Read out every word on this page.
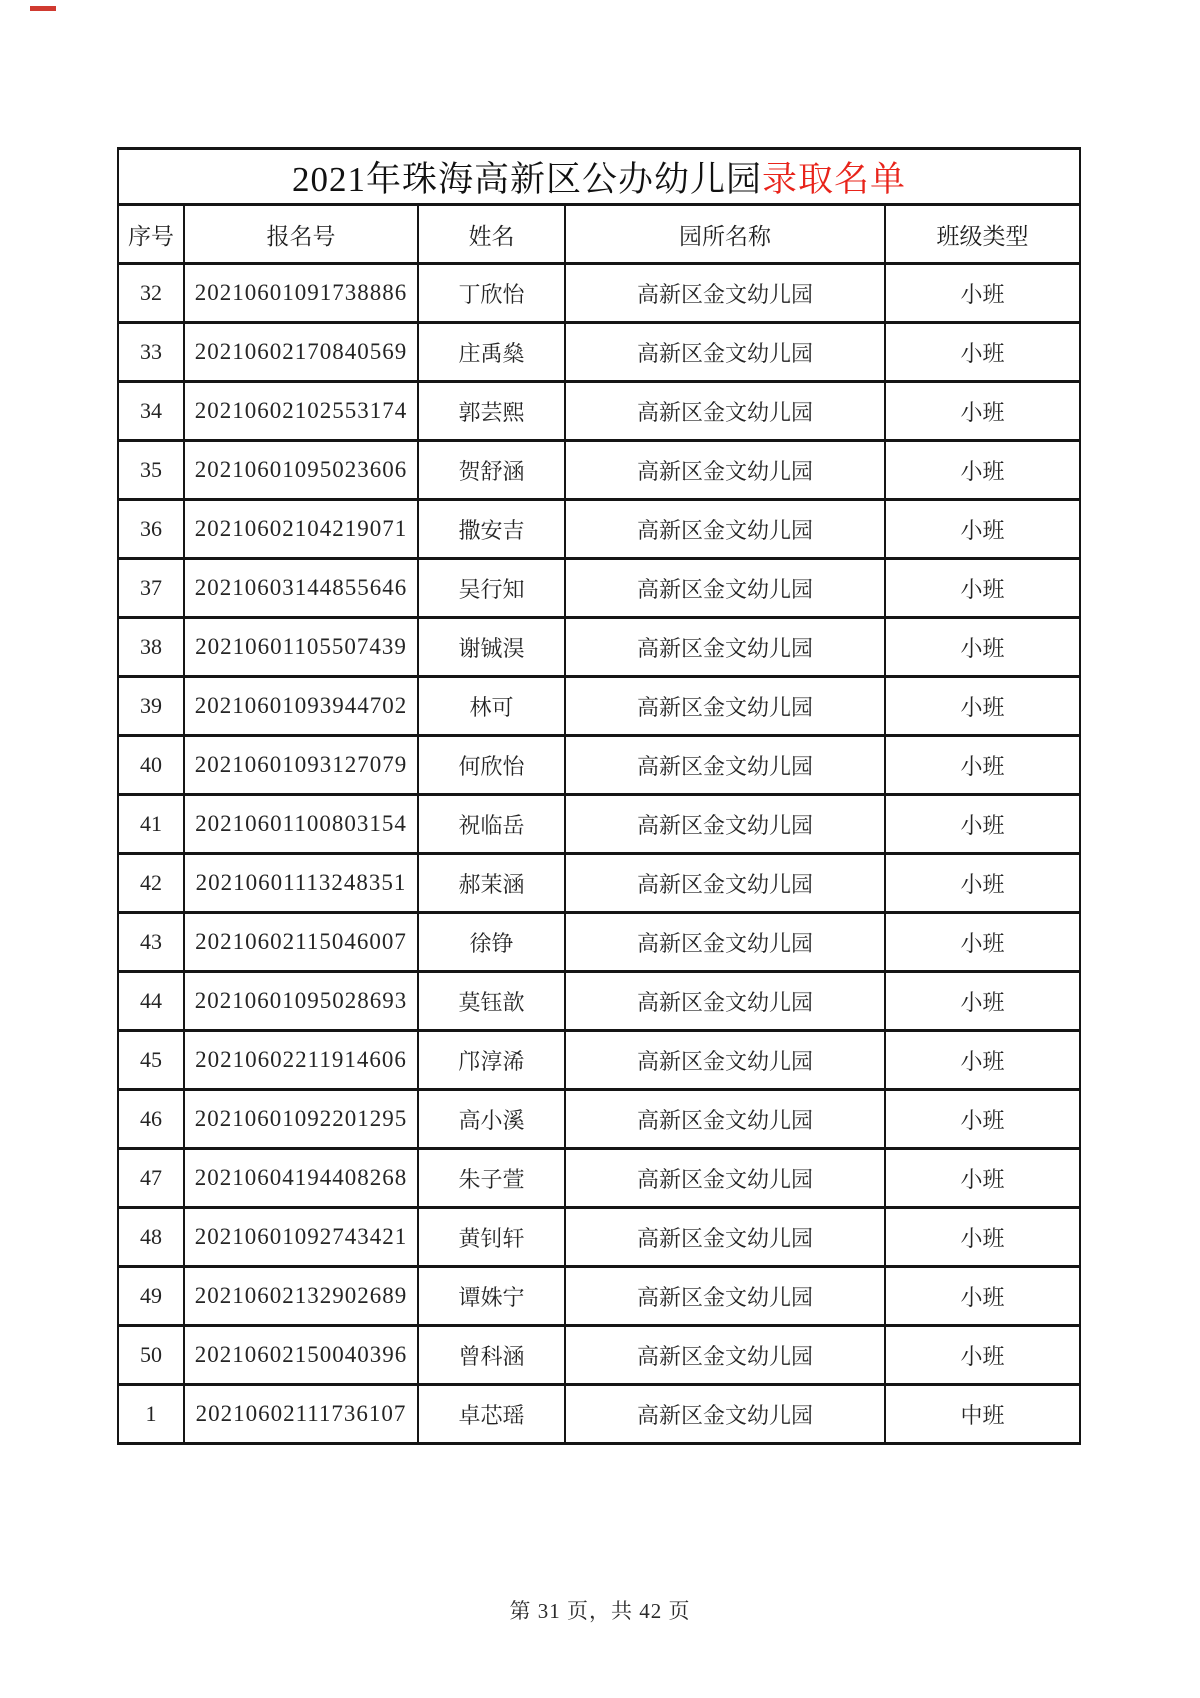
2021年珠海高新区公办幼儿园录取名单				
序号	报名号	姓名	园所名称	班级类型
32	20210601091738886	丁欣怡	高新区金文幼儿园	小班
33	20210602170840569	庄禹燊	高新区金文幼儿园	小班
34	20210602102553174	郭芸熙	高新区金文幼儿园	小班
35	20210601095023606	贺舒涵	高新区金文幼儿园	小班
36	20210602104219071	撒安吉	高新区金文幼儿园	小班
37	20210603144855646	吴行知	高新区金文幼儿园	小班
38	20210601105507439	谢铖淏	高新区金文幼儿园	小班
39	20210601093944702	林可	高新区金文幼儿园	小班
40	20210601093127079	何欣怡	高新区金文幼儿园	小班
41	20210601100803154	祝临岳	高新区金文幼儿园	小班
42	20210601113248351	郝茉涵	高新区金文幼儿园	小班
43	20210602115046007	徐铮	高新区金文幼儿园	小班
44	20210601095028693	莫钰歆	高新区金文幼儿园	小班
45	20210602211914606	邝淳浠	高新区金文幼儿园	小班
46	20210601092201295	高小溪	高新区金文幼儿园	小班
47	20210604194408268	朱子萱	高新区金文幼儿园	小班
48	20210601092743421	黄钊轩	高新区金文幼儿园	小班
49	20210602132902689	谭姝宁	高新区金文幼儿园	小班
50	20210602150040396	曾科涵	高新区金文幼儿园	小班
1	20210602111736107	卓芯瑶	高新区金文幼儿园	中班
第 31 页，共 42 页
